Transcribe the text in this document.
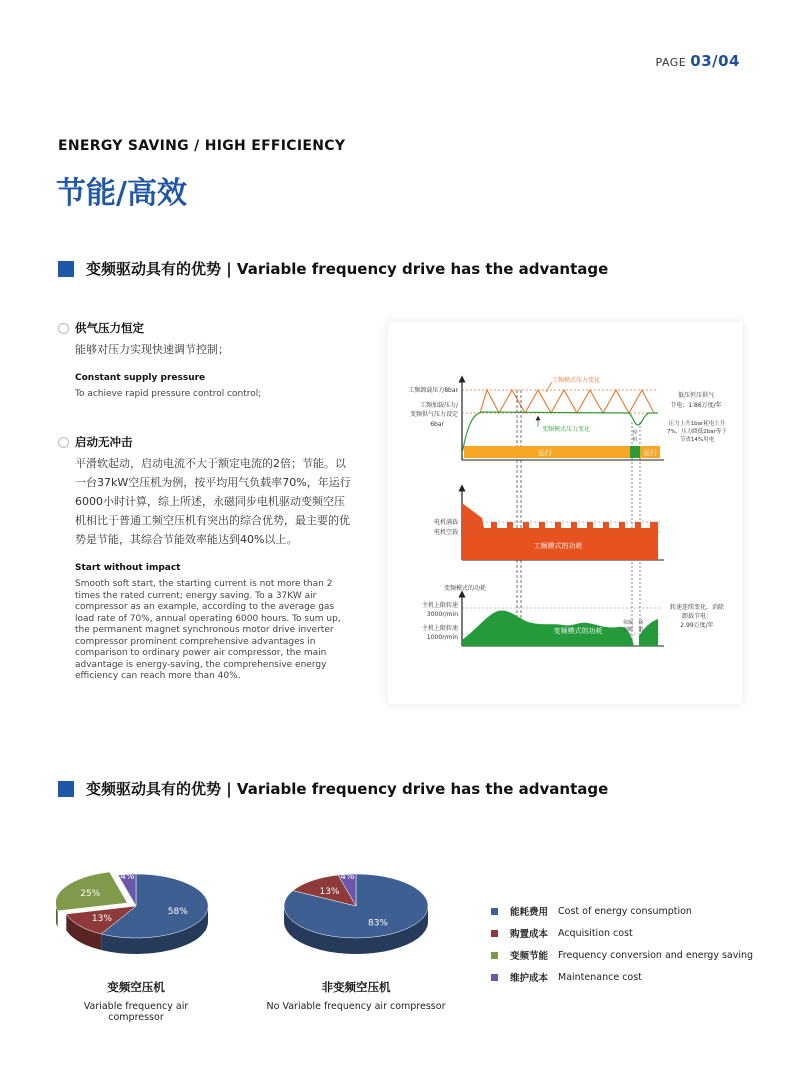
PAGE 03/04
ENERGY SAVING / HIGH EFFICIENCY
节能/高效
变频驱动具有的优势 | Variable frequency drive has the advantage
供气压力恒定
能够对压力实现快速调节控制；
Constant supply pressure
To achieve rapid pressure control control;
启动无冲击
平滑软起动，启动电流不大于额定电流的2倍；节能。以一台37kW空压机为例，按平均用气负载率70%，年运行6000小时计算，综上所述，永磁同步电机驱动变频空压机相比于普通工频空压机有突出的综合优势，最主要的优势是节能，其综合节能效率能达到40%以上。
Start without impact
Smooth soft start, the starting current is not more than 2 times the rated current; energy saving. To a 37KW air compressor as an example, according to the average gas load rate of 70%, annual operating 6000 hours. To sum up, the permanent magnet synchronous motor drive inverter compressor prominent comprehensive advantages in comparison to ordinary power air compressor, the main advantage is energy-saving, the comprehensive energy efficiency can reach more than 40%.
工频卸载压力8bar
工频加载压力/
变频供气压力设定
6bar
工频模式压力变化
变频模式压力变化
运行	运行
停
机
低压恒压供气
节电：1.86万度/年
压力上升1bar耗电上升
7%，压力降低2bar等于
节省14%用电
电机满载
电机空载
工频模式的功耗
变频模式的功耗
主机上限转速
3000r/min
主机上限转速
1000r/min
变频模式的功耗
休眠
判断
休
眠
转速连续变化，消除
卸载节电：
2.99万度/年
变频驱动具有的优势 | Variable frequency drive has the advantage
58%
13%
25%
4%
变频空压机
Variable frequency air compressor
83%
13%
4%
非变频空压机
No Variable frequency air compressor
能耗费用	Cost of energy consumption
购置成本	Acquisition cost
变频节能	Frequency conversion and energy saving
维护成本	Maintenance cost
